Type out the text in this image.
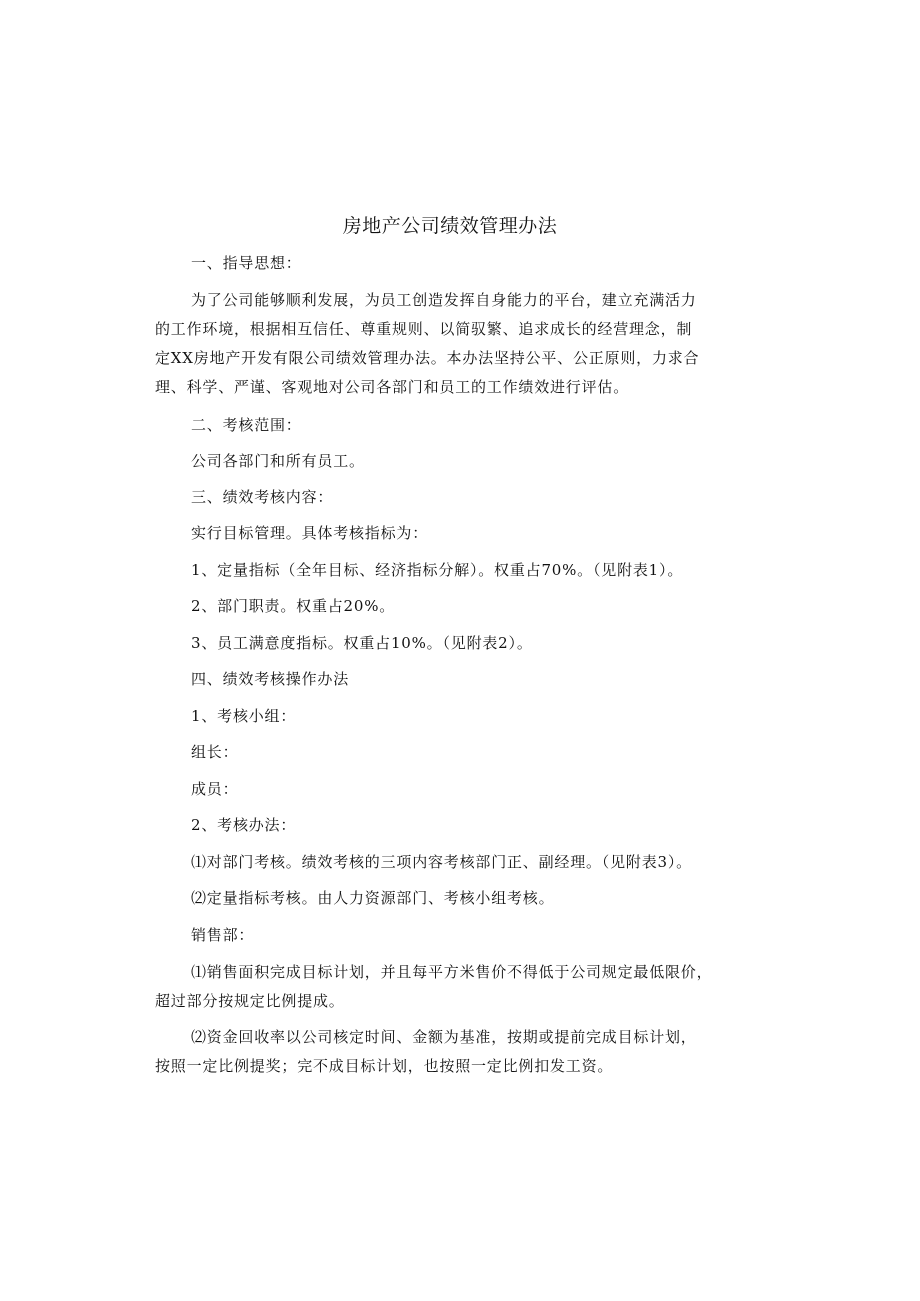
房地产公司绩效管理办法
一、指导思想：
为了公司能够顺利发展，为员工创造发挥自身能力的平台，建立充满活力
的工作环境，根据相互信任、尊重规则、以简驭繁、追求成长的经营理念，制
定XX房地产开发有限公司绩效管理办法。本办法坚持公平、公正原则，力求合
理、科学、严谨、客观地对公司各部门和员工的工作绩效进行评估。
二、考核范围：
公司各部门和所有员工。
三、绩效考核内容：
实行目标管理。具体考核指标为：
1、定量指标（全年目标、经济指标分解）。权重占70%。（见附表1）。
2、部门职责。权重占20%。
3、员工满意度指标。权重占10%。（见附表2）。
四、绩效考核操作办法
1、考核小组：
组长：
成员：
2、考核办法：
⑴对部门考核。绩效考核的三项内容考核部门正、副经理。（见附表3）。
⑵定量指标考核。由人力资源部门、考核小组考核。
销售部：
⑴销售面积完成目标计划，并且每平方米售价不得低于公司规定最低限价，
超过部分按规定比例提成。
⑵资金回收率以公司核定时间、金额为基准，按期或提前完成目标计划，
按照一定比例提奖；完不成目标计划，也按照一定比例扣发工资。
